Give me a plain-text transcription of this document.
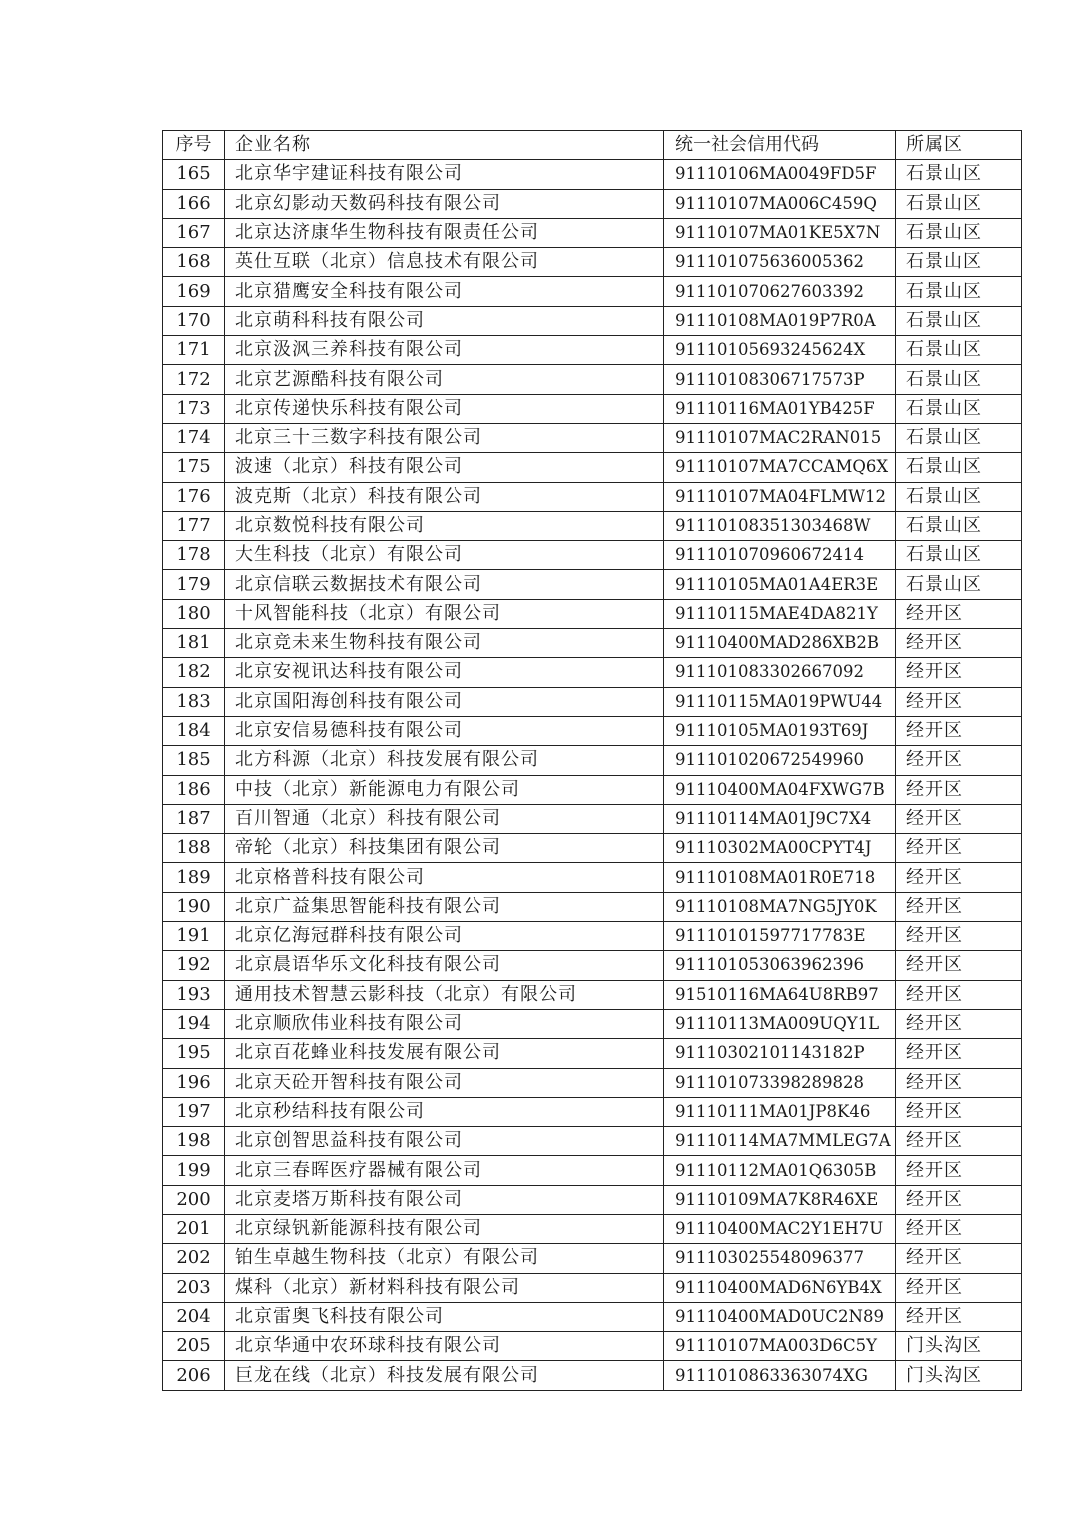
序号	企业名称	统一社会信用代码	所属区
165	北京华宇建证科技有限公司	91110106MA0049FD5F	石景山区
166	北京幻影动天数码科技有限公司	91110107MA006C459Q	石景山区
167	北京达济康华生物科技有限责任公司	91110107MA01KE5X7N	石景山区
168	英仕互联（北京）信息技术有限公司	911101075636005362	石景山区
169	北京猎鹰安全科技有限公司	911101070627603392	石景山区
170	北京萌科科技有限公司	91110108MA019P7R0A	石景山区
171	北京汲沨三养科技有限公司	91110105693245624X	石景山区
172	北京艺源酷科技有限公司	91110108306717573P	石景山区
173	北京传递快乐科技有限公司	91110116MA01YB425F	石景山区
174	北京三十三数字科技有限公司	91110107MAC2RAN015	石景山区
175	波速（北京）科技有限公司	91110107MA7CCAMQ6X	石景山区
176	波克斯（北京）科技有限公司	91110107MA04FLMW12	石景山区
177	北京数悦科技有限公司	91110108351303468W	石景山区
178	大生科技（北京）有限公司	911101070960672414	石景山区
179	北京信联云数据技术有限公司	91110105MA01A4ER3E	石景山区
180	十风智能科技（北京）有限公司	91110115MAE4DA821Y	经开区
181	北京竞未来生物科技有限公司	91110400MAD286XB2B	经开区
182	北京安视讯达科技有限公司	911101083302667092	经开区
183	北京国阳海创科技有限公司	91110115MA019PWU44	经开区
184	北京安信易德科技有限公司	91110105MA0193T69J	经开区
185	北方科源（北京）科技发展有限公司	911101020672549960	经开区
186	中技（北京）新能源电力有限公司	91110400MA04FXWG7B	经开区
187	百川智通（北京）科技有限公司	91110114MA01J9C7X4	经开区
188	帝轮（北京）科技集团有限公司	91110302MA00CPYT4J	经开区
189	北京格普科技有限公司	91110108MA01R0E718	经开区
190	北京广益集思智能科技有限公司	91110108MA7NG5JY0K	经开区
191	北京亿海冠群科技有限公司	91110101597717783E	经开区
192	北京晨语华乐文化科技有限公司	911101053063962396	经开区
193	通用技术智慧云影科技（北京）有限公司	91510116MA64U8RB97	经开区
194	北京顺欣伟业科技有限公司	91110113MA009UQY1L	经开区
195	北京百花蜂业科技发展有限公司	91110302101143182P	经开区
196	北京天砼开智科技有限公司	911101073398289828	经开区
197	北京秒结科技有限公司	91110111MA01JP8K46	经开区
198	北京创智思益科技有限公司	91110114MA7MMLEG7A	经开区
199	北京三春晖医疗器械有限公司	91110112MA01Q6305B	经开区
200	北京麦塔万斯科技有限公司	91110109MA7K8R46XE	经开区
201	北京绿钒新能源科技有限公司	91110400MAC2Y1EH7U	经开区
202	铂生卓越生物科技（北京）有限公司	911103025548096377	经开区
203	煤科（北京）新材料科技有限公司	91110400MAD6N6YB4X	经开区
204	北京雷奥飞科技有限公司	91110400MAD0UC2N89	经开区
205	北京华通中农环球科技有限公司	91110107MA003D6C5Y	门头沟区
206	巨龙在线（北京）科技发展有限公司	9111010863363074XG	门头沟区
